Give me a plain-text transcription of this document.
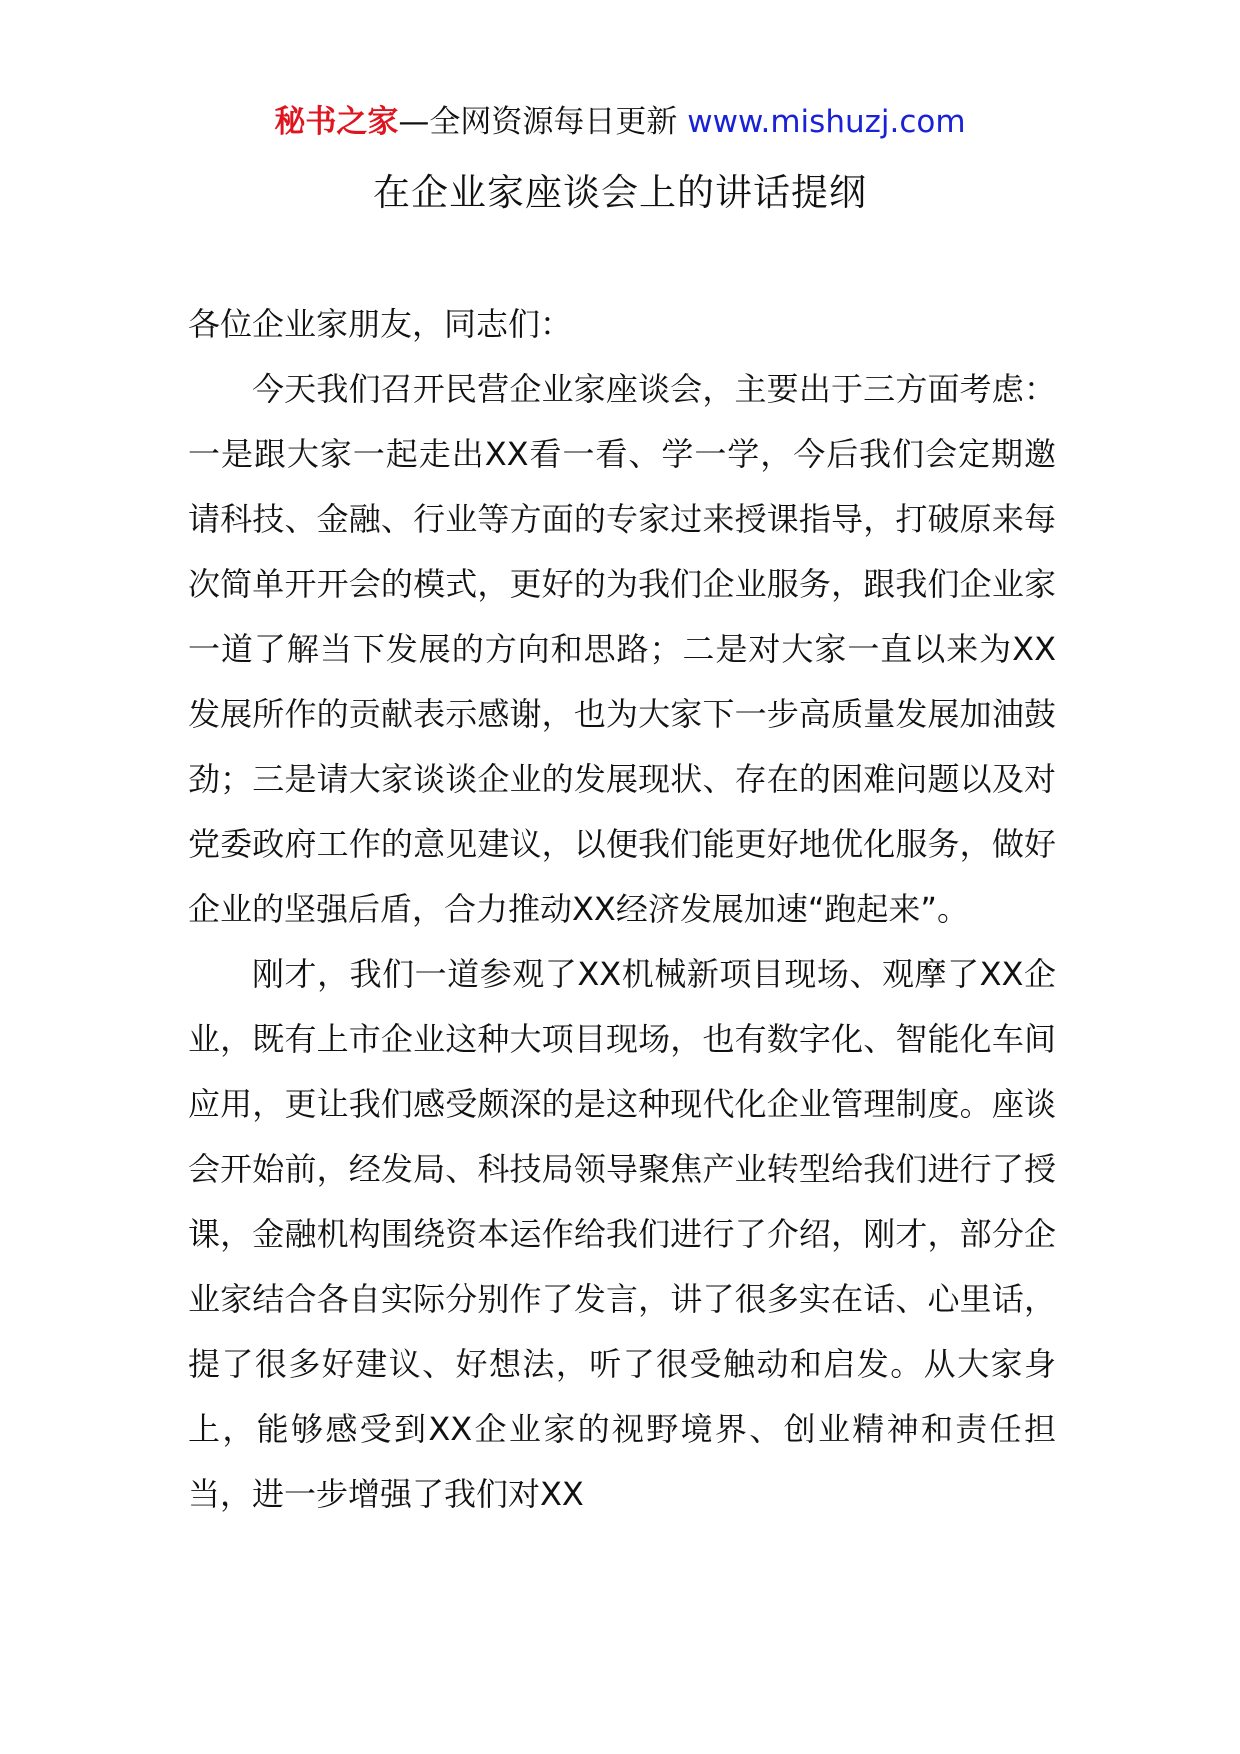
秘书之家—全网资源每日更新 www.mishuzj.com
在企业家座谈会上的讲话提纲

各位企业家朋友，同志们：

今天我们召开民营企业家座谈会，主要出于三方面考虑：一是跟大家一起走出XX看一看、学一学，今后我们会定期邀请科技、金融、行业等方面的专家过来授课指导，打破原来每次简单开开会的模式，更好的为我们企业服务，跟我们企业家一道了解当下发展的方向和思路；二是对大家一直以来为XX发展所作的贡献表示感谢，也为大家下一步高质量发展加油鼓劲；三是请大家谈谈企业的发展现状、存在的困难问题以及对党委政府工作的意见建议，以便我们能更好地优化服务，做好企业的坚强后盾，合力推动XX经济发展加速“跑起来”。

刚才，我们一道参观了XX机械新项目现场、观摩了XX企业，既有上市企业这种大项目现场，也有数字化、智能化车间应用，更让我们感受颇深的是这种现代化企业管理制度。座谈会开始前，经发局、科技局领导聚焦产业转型给我们进行了授课，金融机构围绕资本运作给我们进行了介绍，刚才，部分企业家结合各自实际分别作了发言，讲了很多实在话、心里话，提了很多好建议、好想法，听了很受触动和启发。从大家身上，能够感受到XX企业家的视野境界、创业精神和责任担当，进一步增强了我们对XX
